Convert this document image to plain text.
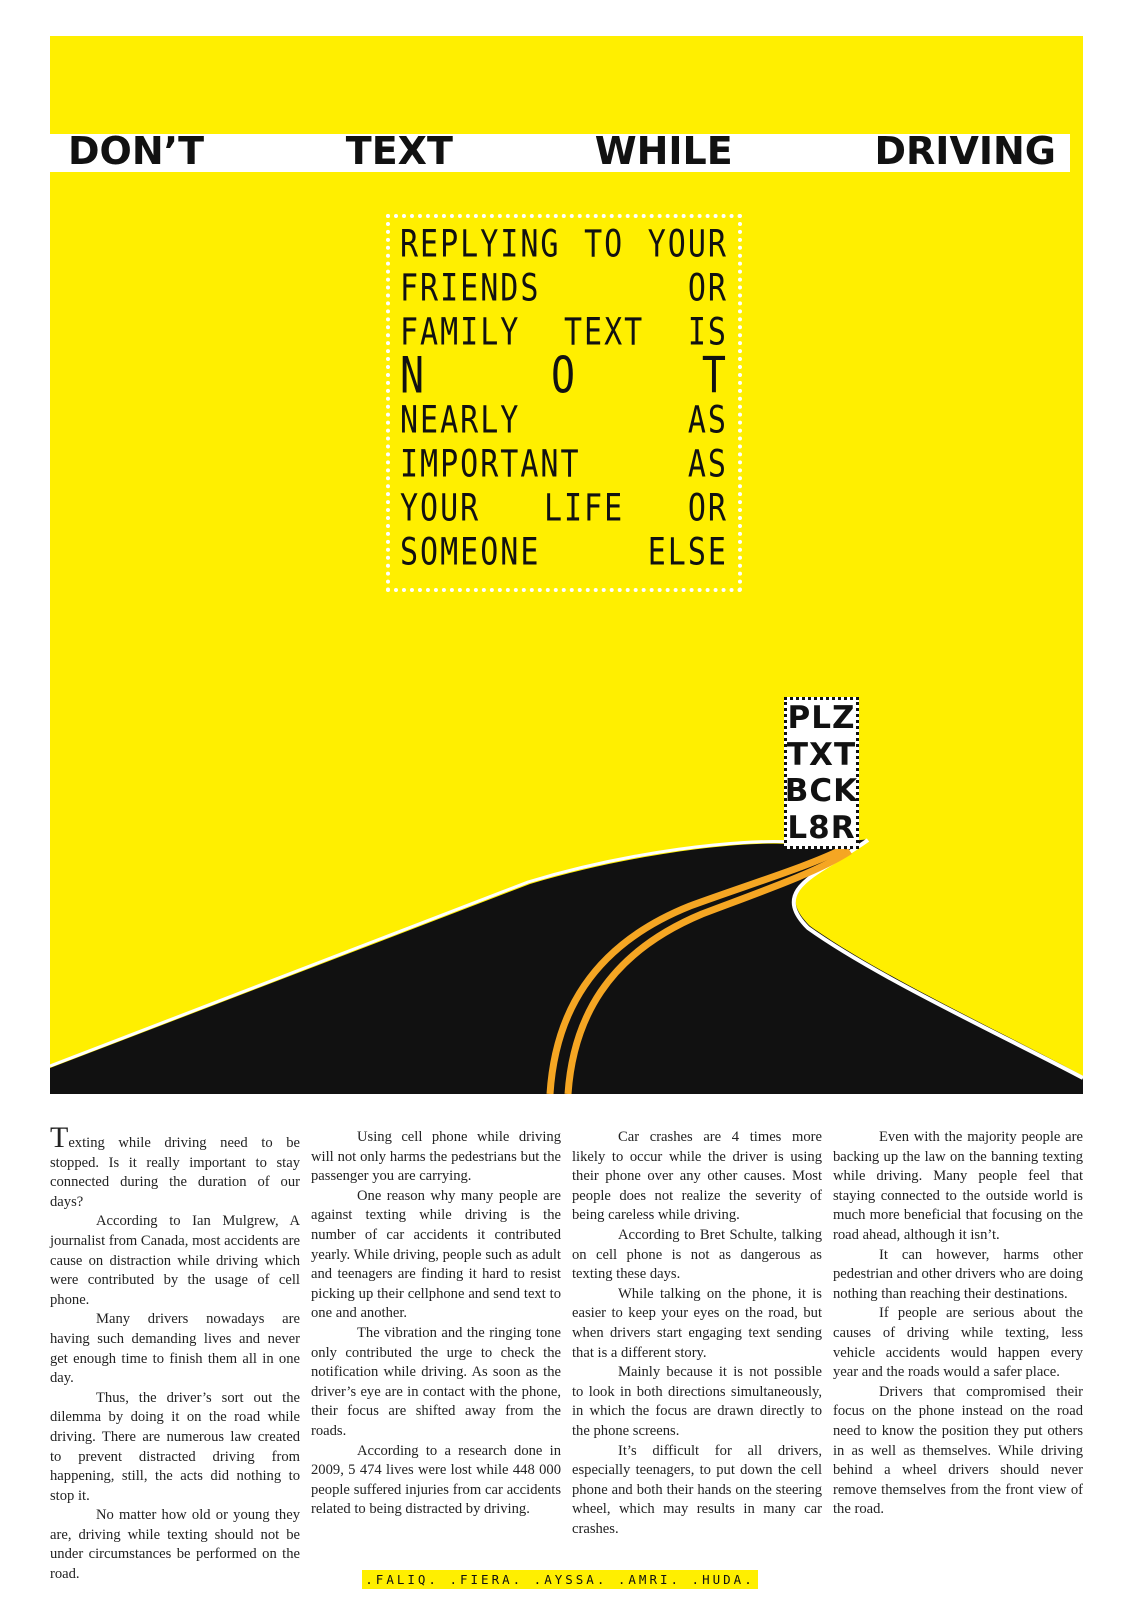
DON’T	TEXT	WHILE	DRIVING
REPLYING TO YOUR
FRIENDS	OR
FAMILY TEXT IS
N	O	T
NEARLY	AS
IMPORTANT	AS
YOUR LIFE OR
SOMEONE	ELSE
PLZ
TXT
BCK
L8R

Texting while driving need to be stopped. Is it really important to stay connected during the duration of our days?

According to Ian Mulgrew, A journalist from Canada, most accidents are cause on distraction while driving which were contributed by the usage of cell phone.

Many drivers nowadays are having such demanding lives and never get enough time to finish them all in one day.

Thus, the driver’s sort out the dilemma by doing it on the road while driving. There are numerous law created to prevent distracted driving from happening, still, the acts did nothing to stop it.

No matter how old or young they are, driving while texting should not be under circumstances be performed on the road.

Using cell phone while driving will not only harms the pedestrians but the passenger you are carrying.

One reason why many people are against texting while driving is the number of car accidents it contributed yearly. While driving, people such as adult and teenagers are finding it hard to resist picking up their cellphone and send text to one and another.

The vibration and the ringing tone only contributed the urge to check the notification while driving. As soon as the driver’s eye are in contact with the phone, their focus are shifted away from the roads.

According to a research done in 2009, 5 474 lives were lost while 448 000 people suffered injuries from car accidents related to being distracted by driving.

Car crashes are 4 times more likely to occur while the driver is using their phone over any other causes. Most people does not realize the severity of being careless while driving.

According to Bret Schulte, talking on cell phone is not as dangerous as texting these days.

While talking on the phone, it is easier to keep your eyes on the road, but when drivers start engaging text sending that is a different story.

Mainly because it is not possible to look in both directions simultaneously, in which the focus are drawn directly to the phone screens.

It’s difficult for all drivers, especially teenagers, to put down the cell phone and both their hands on the steering wheel, which may results in many car crashes.

Even with the majority people are backing up the law on the banning texting while driving. Many people feel that staying connected to the outside world is much more beneficial that focusing on the road ahead, although it isn’t.

It can however, harms other pedestrian and other drivers who are doing nothing than reaching their destinations.

If people are serious about the causes of driving while texting, less vehicle accidents would happen every year and the roads would a safer place.

Drivers that compromised their focus on the phone instead on the road need to know the position they put others in as well as themselves. While driving behind a wheel drivers should never remove themselves from the front view of the road.

.FALIQ. .FIERA. .AYSSA. .AMRI. .HUDA.
